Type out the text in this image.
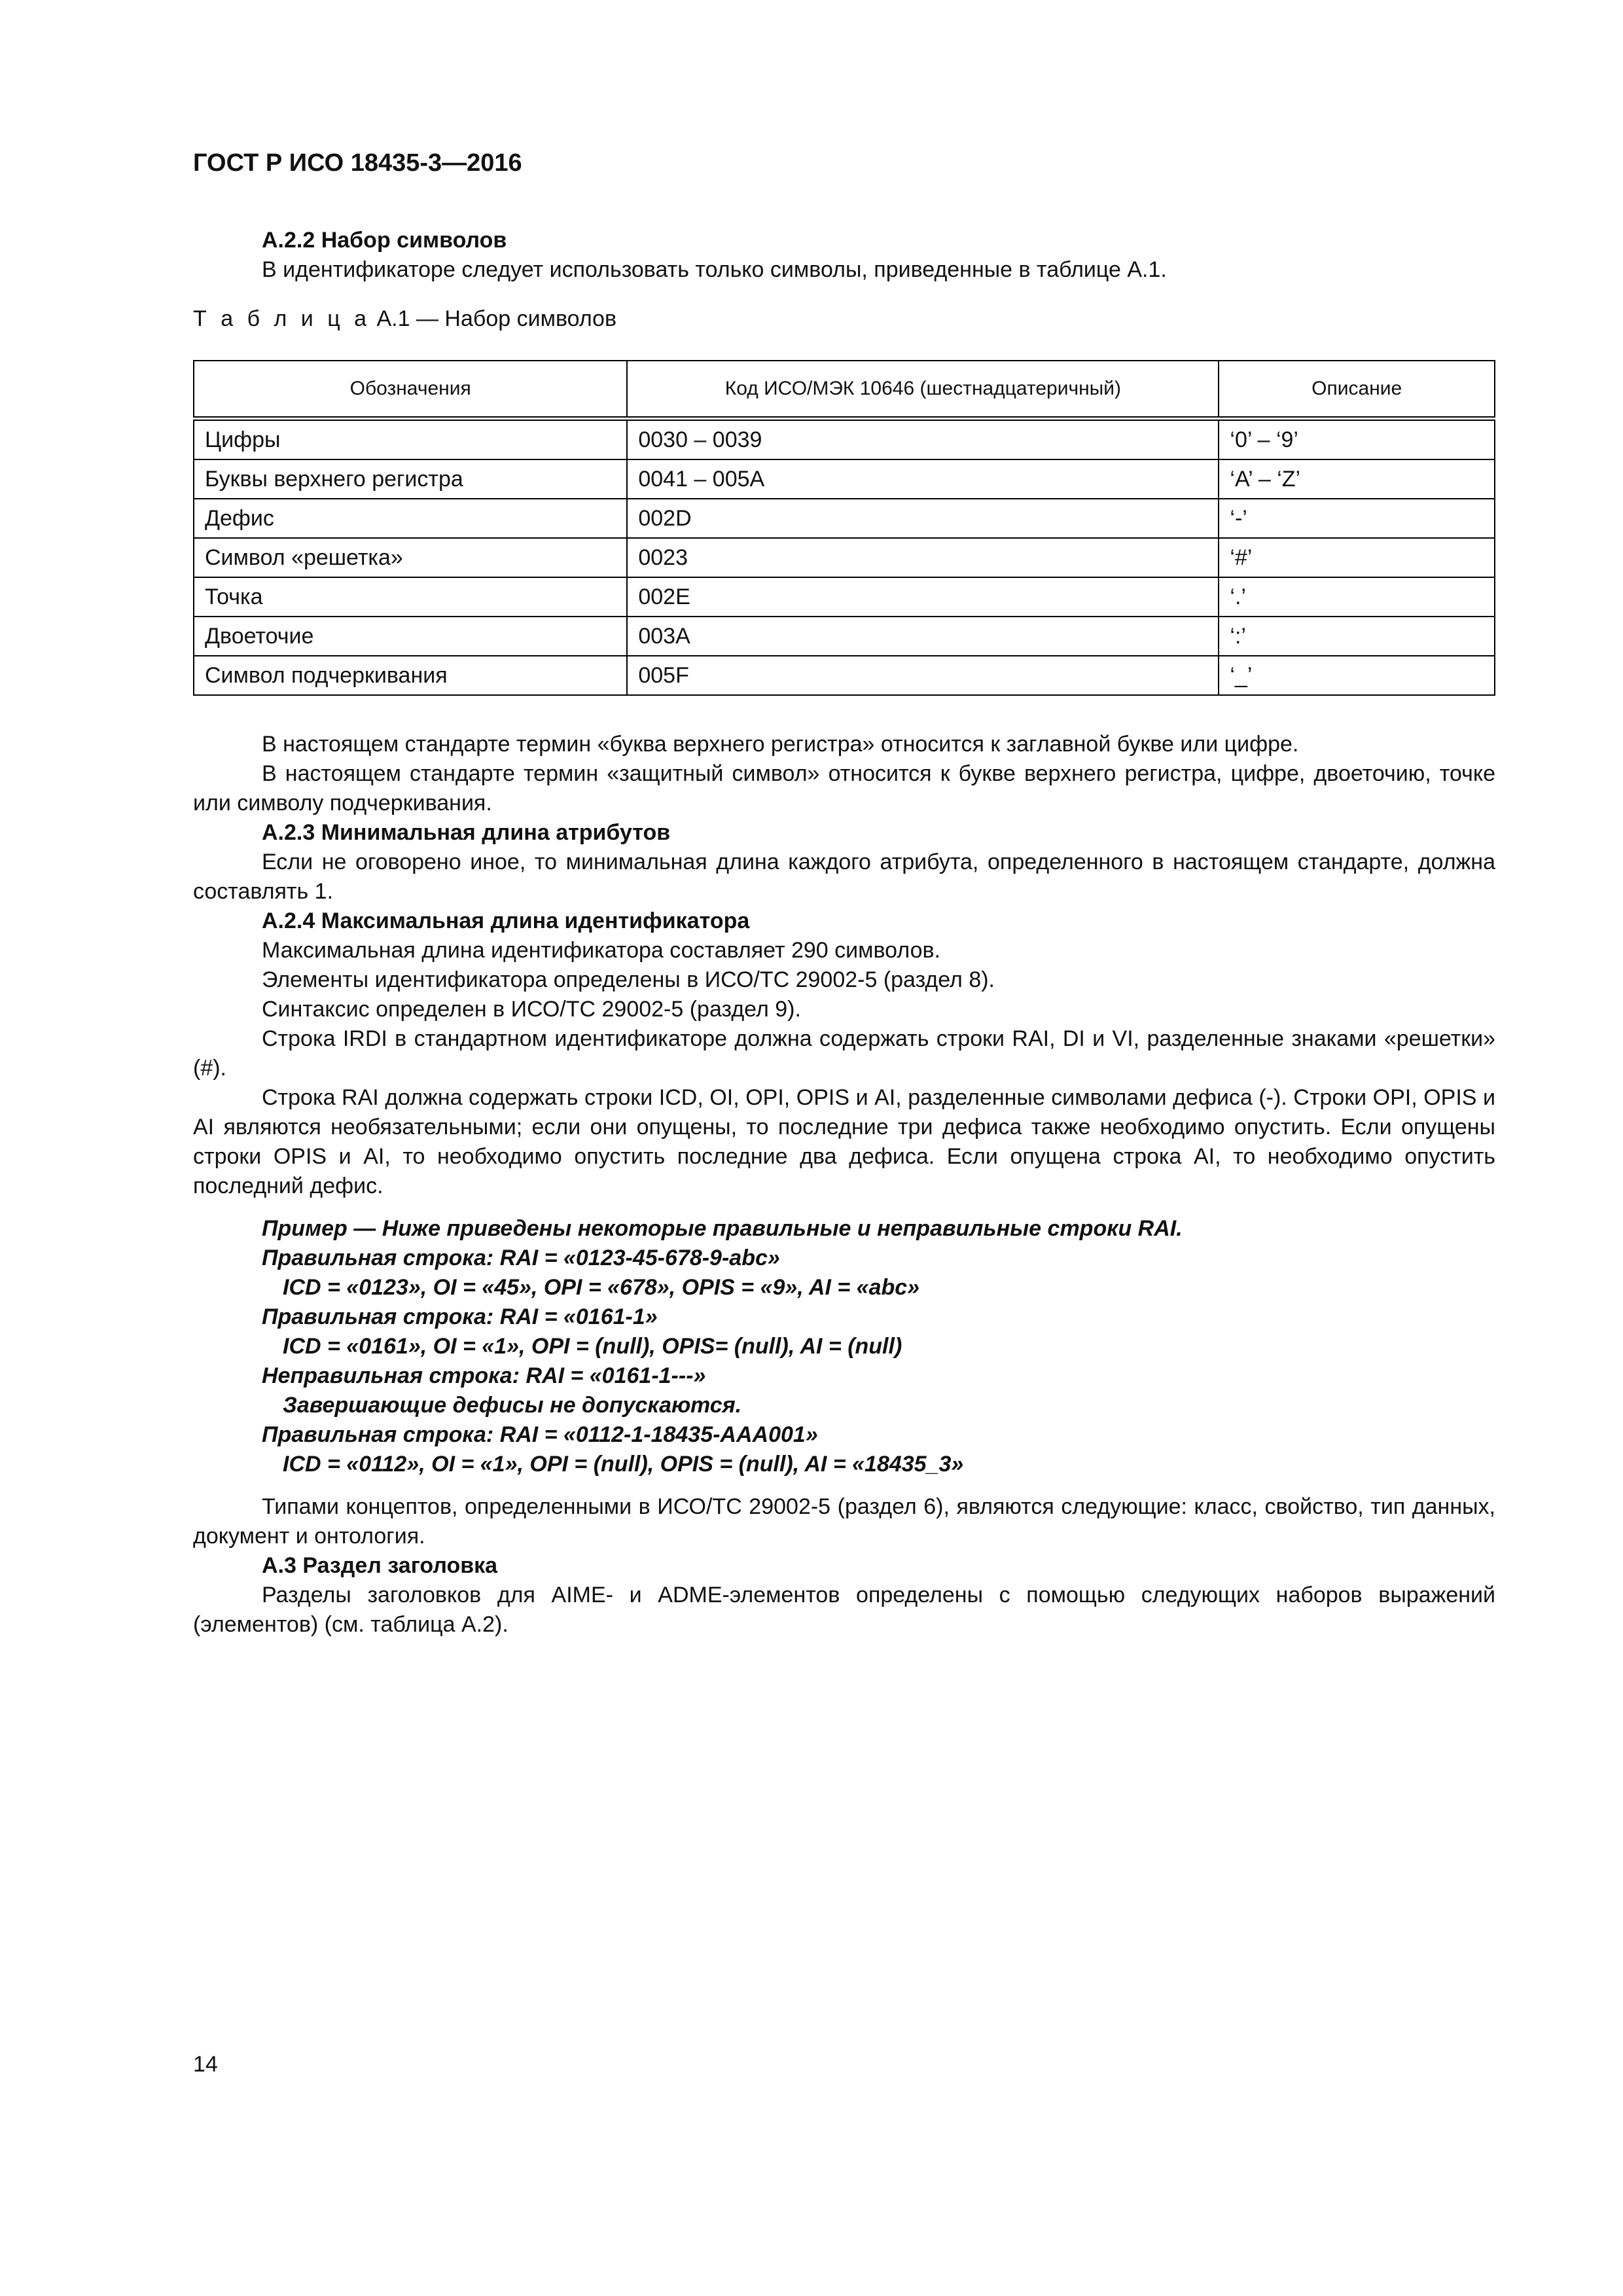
ГОСТ Р ИСО 18435-3—2016
А.2.2 Набор символов
В идентификаторе следует использовать только символы, приведенные в таблице А.1.
Т а б л и ц а А.1 — Набор символов
Обозначения	Код ИСО/МЭК 10646 (шестнадцатеричный)	Описание
Цифры	0030 – 0039	‘0’ – ‘9’
Буквы верхнего регистра	0041 – 005A	‘A’ – ‘Z’
Дефис	002D	‘-’
Символ «решетка»	0023	‘#’
Точка	002E	‘.’
Двоеточие	003A	‘:’
Символ подчеркивания	005F	‘_’
В настоящем стандарте термин «буква верхнего регистра» относится к заглавной букве или цифре.
В настоящем стандарте термин «защитный символ» относится к букве верхнего регистра, цифре, двоеточию, точке или символу подчеркивания.
А.2.3 Минимальная длина атрибутов
Если не оговорено иное, то минимальная длина каждого атрибута, определенного в настоящем стандарте, должна составлять 1.
А.2.4 Максимальная длина идентификатора
Максимальная длина идентификатора составляет 290 символов.
Элементы идентификатора определены в ИСО/ТС 29002-5 (раздел 8).
Синтаксис определен в ИСО/ТС 29002-5 (раздел 9).
Строка IRDI в стандартном идентификаторе должна содержать строки RAI, DI и VI, разделенные знаками «решетки» (#).
Строка RAI должна содержать строки ICD, OI, OPI, OPIS и AI, разделенные символами дефиса (-). Строки OPI, OPIS и AI являются необязательными; если они опущены, то последние три дефиса также необходимо опустить. Если опущены строки OPIS и AI, то необходимо опустить последние два дефиса. Если опущена строка AI, то необходимо опустить последний дефис.
Пример — Ниже приведены некоторые правильные и неправильные строки RAI.
Правильная строка: RAI = «0123-45-678-9-abc»
ICD = «0123», OI = «45», OPI = «678», OPIS = «9», AI = «abc»
Правильная строка: RAI = «0161-1»
ICD = «0161», OI = «1», OPI = (null), OPIS= (null), AI = (null)
Неправильная строка: RAI = «0161-1---»
Завершающие дефисы не допускаются.
Правильная строка: RAI = «0112-1-18435-AAA001»
ICD = «0112», OI = «1», OPI = (null), OPIS = (null), AI = «18435_3»
Типами концептов, определенными в ИСО/ТС 29002-5 (раздел 6), являются следующие: класс, свойство, тип данных, документ и онтология.
А.3 Раздел заголовка
Разделы заголовков для AIME- и ADME-элементов определены с помощью следующих наборов выражений (элементов) (см. таблица А.2).
14
